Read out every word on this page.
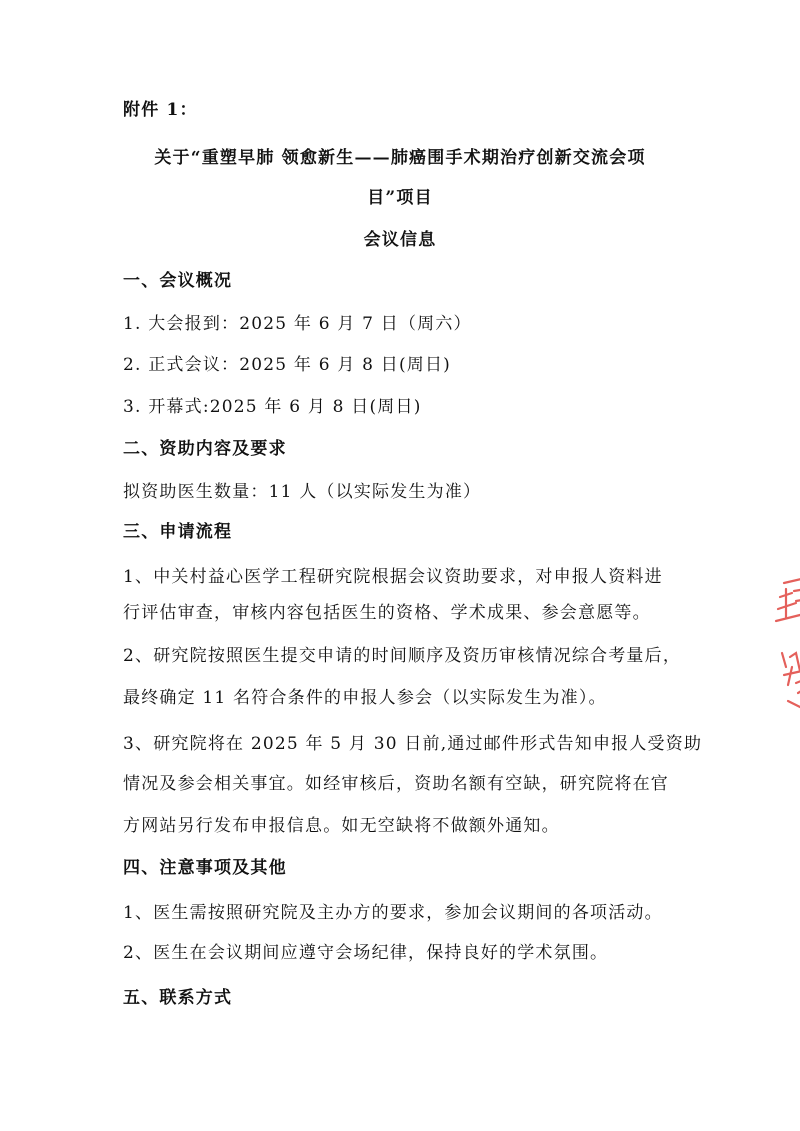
附件 1：
关于“重塑早肺 领愈新生——肺癌围手术期治疗创新交流会项
目”项目
会议信息
一、会议概况
1. 大会报到：2025 年 6 月 7 日（周六）
2. 正式会议：2025 年 6 月 8 日(周日)
3. 开幕式:2025 年 6 月 8 日(周日)
二、资助内容及要求
拟资助医生数量：11 人（以实际发生为准）
三、申请流程
1、中关村益心医学工程研究院根据会议资助要求，对申报人资料进
行评估审查，审核内容包括医生的资格、学术成果、参会意愿等。
2、研究院按照医生提交申请的时间顺序及资历审核情况综合考量后，
最终确定 11 名符合条件的申报人参会（以实际发生为准）。
3、研究院将在 2025 年 5 月 30 日前,通过邮件形式告知申报人受资助
情况及参会相关事宜。如经审核后，资助名额有空缺，研究院将在官
方网站另行发布申报信息。如无空缺将不做额外通知。
四、注意事项及其他
1、医生需按照研究院及主办方的要求，参加会议期间的各项活动。
2、医生在会议期间应遵守会场纪律，保持良好的学术氛围。
五、联系方式
